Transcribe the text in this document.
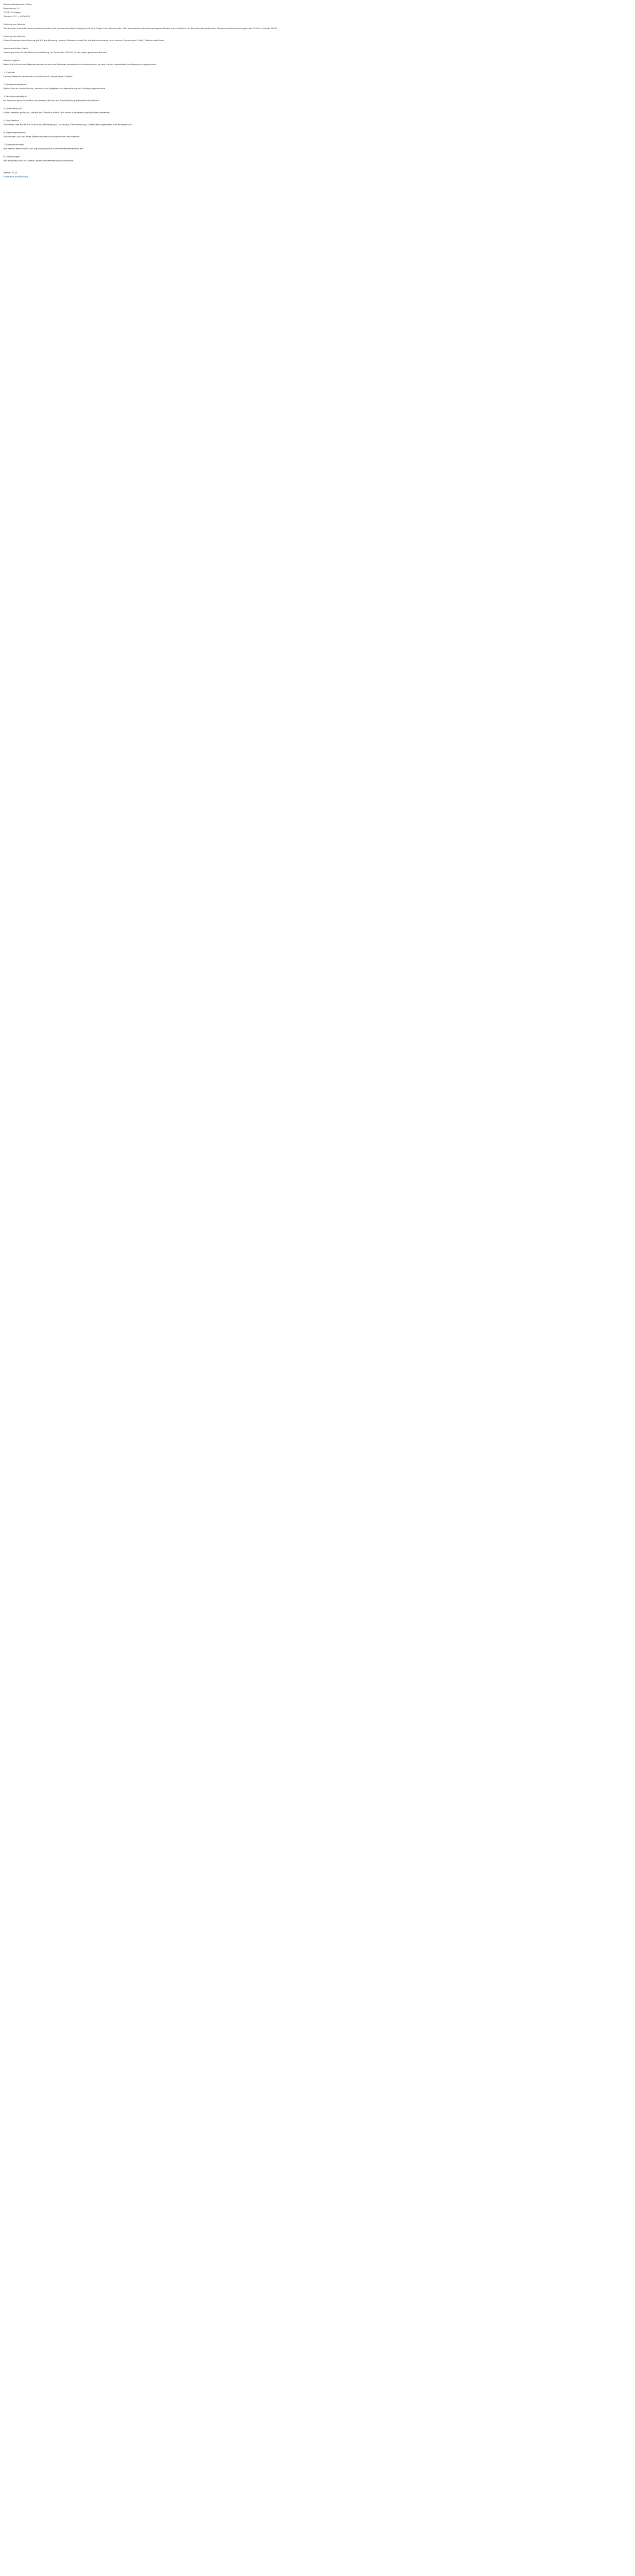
Fachanwaltskanzlei Maier
Rosensteig 1A
70182 Stuttgart
Telefon 0711 / 4876543
Geltung der Rechte
Die Kanzlei unterhält einen professionellen und vertrauensvollen Umgang mit den Daten ihrer Mandanten. Wir verarbeiten personenbezogene Daten ausschließlich im Rahmen der geltenden Datenschutzbestimmungen der DSGVO und des BDSG.
Geltung der Rechte
Diese Datenschutzerklärung gilt für die Nutzung unserer Website sowie für die Kommunikation mit unserer Kanzlei per E-Mail, Telefon oder Post.
Verantwortliche Stelle
Verantwortlich für die Datenverarbeitung im Sinne der DSGVO ist die oben genannte Kanzlei.
Server-Logfiles
Beim Aufruf unserer Website werden durch den Browser automatisch Informationen an den Server übermittelt und temporär gespeichert.
1. Cookies
Unsere Website verwendet nur technisch notwendige Cookies.
2. Kontaktaufnahme
Wenn Sie uns kontaktieren, werden Ihre Angaben zur Bearbeitung der Anfrage gespeichert.
3. Mandatsverhältnis
Im Rahmen eines Mandats verarbeiten wir die zur Durchführung erforderlichen Daten.
4. Speicherdauer
Daten werden gelöscht, sobald der Zweck entfällt und keine Aufbewahrungspflichten bestehen.
5. Ihre Rechte
Sie haben das Recht auf Auskunft, Berichtigung, Löschung, Einschränkung, Datenübertragbarkeit und Widerspruch.
6. Beschwerderecht
Sie können sich bei einer Datenschutzaufsichtsbehörde beschweren.
7. Datensicherheit
Wir setzen technische und organisatorische Sicherheitsmaßnahmen ein.
8. Änderungen
Wir behalten uns vor, diese Datenschutzerklärung anzupassen.
Stand: 2024
Datenschutzerklärung
